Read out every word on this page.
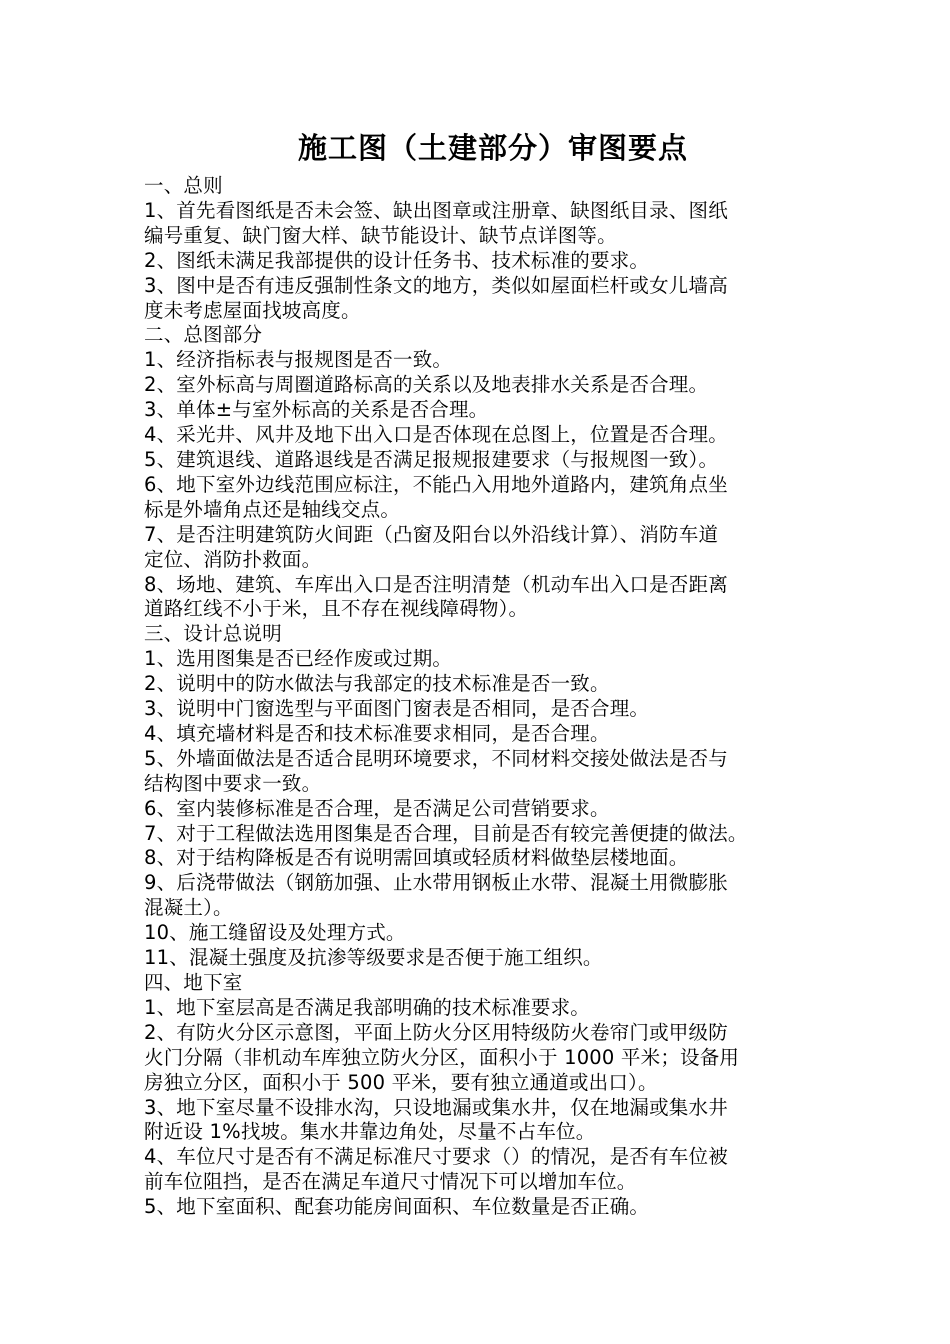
施工图（土建部分）审图要点
一、总则
1、首先看图纸是否未会签、缺出图章或注册章、缺图纸目录、图纸
编号重复、缺门窗大样、缺节能设计、缺节点详图等。
2、图纸未满足我部提供的设计任务书、技术标准的要求。
3、图中是否有违反强制性条文的地方，类似如屋面栏杆或女儿墙高
度未考虑屋面找坡高度。
二、总图部分
1、经济指标表与报规图是否一致。
2、室外标高与周圈道路标高的关系以及地表排水关系是否合理。
3、单体±与室外标高的关系是否合理。
4、采光井、风井及地下出入口是否体现在总图上，位置是否合理。
5、建筑退线、道路退线是否满足报规报建要求（与报规图一致）。
6、地下室外边线范围应标注，不能凸入用地外道路内，建筑角点坐
标是外墙角点还是轴线交点。
7、是否注明建筑防火间距（凸窗及阳台以外沿线计算）、消防车道
定位、消防扑救面。
8、场地、建筑、车库出入口是否注明清楚（机动车出入口是否距离
道路红线不小于米，且不存在视线障碍物）。
三、设计总说明
1、选用图集是否已经作废或过期。
2、说明中的防水做法与我部定的技术标准是否一致。
3、说明中门窗选型与平面图门窗表是否相同，是否合理。
4、填充墙材料是否和技术标准要求相同，是否合理。
5、外墙面做法是否适合昆明环境要求，不同材料交接处做法是否与
结构图中要求一致。
6、室内装修标准是否合理，是否满足公司营销要求。
7、对于工程做法选用图集是否合理，目前是否有较完善便捷的做法。
8、对于结构降板是否有说明需回填或轻质材料做垫层楼地面。
9、后浇带做法（钢筋加强、止水带用钢板止水带、混凝土用微膨胀
混凝土）。
10、施工缝留设及处理方式。
11、混凝土强度及抗渗等级要求是否便于施工组织。
四、地下室
1、地下室层高是否满足我部明确的技术标准要求。
2、有防火分区示意图，平面上防火分区用特级防火卷帘门或甲级防
火门分隔（非机动车库独立防火分区，面积小于 1000 平米；设备用
房独立分区，面积小于 500 平米，要有独立通道或出口）。
3、地下室尽量不设排水沟，只设地漏或集水井，仅在地漏或集水井
附近设 1%找坡。集水井靠边角处，尽量不占车位。
4、车位尺寸是否有不满足标准尺寸要求（）的情况，是否有车位被
前车位阻挡，是否在满足车道尺寸情况下可以增加车位。
5、地下室面积、配套功能房间面积、车位数量是否正确。
